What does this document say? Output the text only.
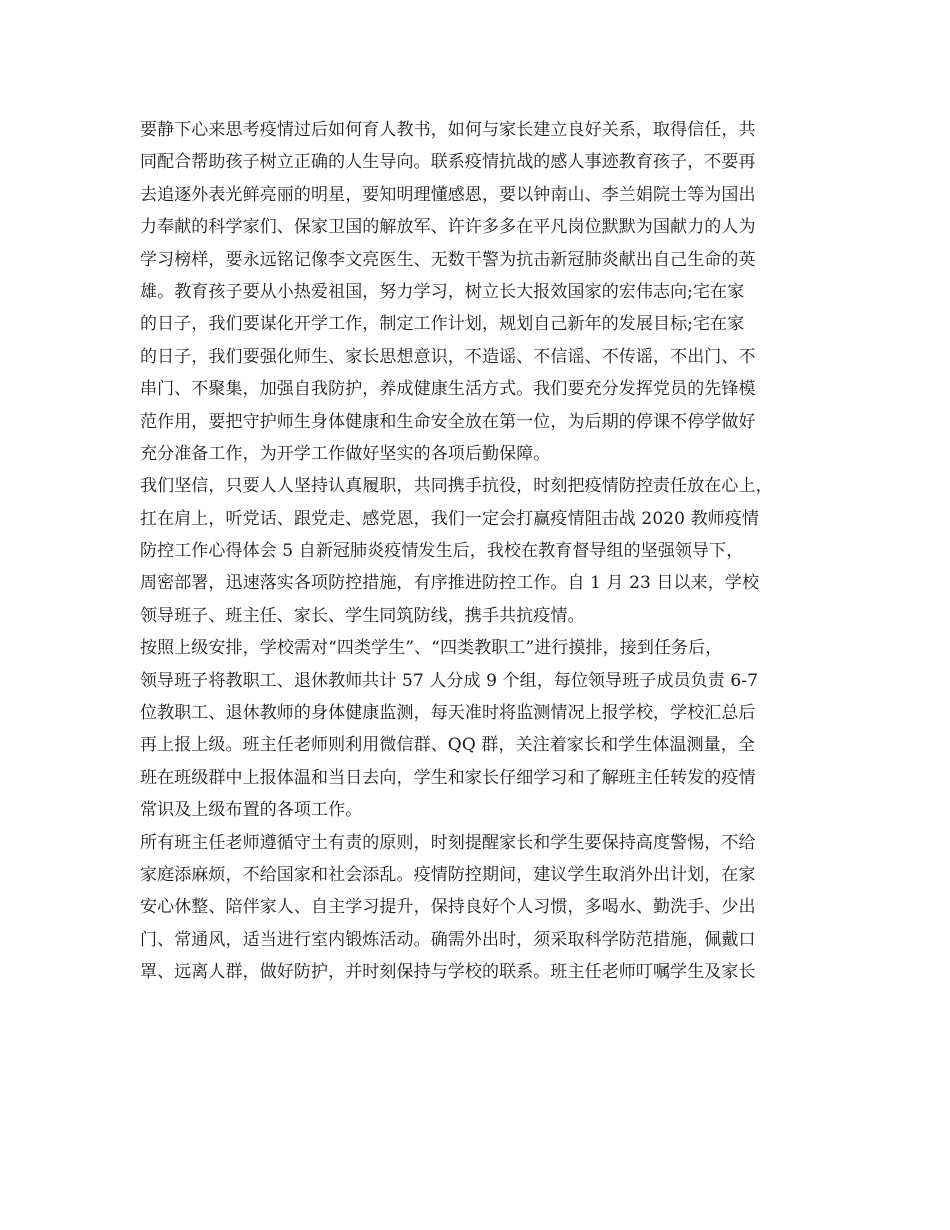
要静下心来思考疫情过后如何育人教书，如何与家长建立良好关系，取得信任，共
同配合帮助孩子树立正确的人生导向。联系疫情抗战的感人事迹教育孩子，不要再
去追逐外表光鲜亮丽的明星，要知明理懂感恩，要以钟南山、李兰娟院士等为国出
力奉献的科学家们、保家卫国的解放军、许许多多在平凡岗位默默为国献力的人为
学习榜样，要永远铭记像李文亮医生、无数干警为抗击新冠肺炎献出自己生命的英
雄。教育孩子要从小热爱祖国，努力学习，树立长大报效国家的宏伟志向;宅在家
的日子，我们要谋化开学工作，制定工作计划，规划自己新年的发展目标;宅在家
的日子，我们要强化师生、家长思想意识，不造谣、不信谣、不传谣，不出门、不
串门、不聚集，加强自我防护，养成健康生活方式。我们要充分发挥党员的先锋模
范作用，要把守护师生身体健康和生命安全放在第一位，为后期的停课不停学做好
充分准备工作，为开学工作做好坚实的各项后勤保障。
我们坚信，只要人人坚持认真履职，共同携手抗役，时刻把疫情防控责任放在心上，
扛在肩上，听党话、跟党走、感党恩，我们一定会打赢疫情阻击战 2020 教师疫情
防控工作心得体会 5 自新冠肺炎疫情发生后，我校在教育督导组的坚强领导下，
周密部署，迅速落实各项防控措施，有序推进防控工作。自 1 月 23 日以来，学校
领导班子、班主任、家长、学生同筑防线，携手共抗疫情。
按照上级安排，学校需对“四类学生”、“四类教职工”进行摸排，接到任务后，
领导班子将教职工、退休教师共计 57 人分成 9 个组，每位领导班子成员负责 6-7
位教职工、退休教师的身体健康监测，每天准时将监测情况上报学校，学校汇总后
再上报上级。班主任老师则利用微信群、QQ 群，关注着家长和学生体温测量，全
班在班级群中上报体温和当日去向，学生和家长仔细学习和了解班主任转发的疫情
常识及上级布置的各项工作。
所有班主任老师遵循守土有责的原则，时刻提醒家长和学生要保持高度警惕，不给
家庭添麻烦，不给国家和社会添乱。疫情防控期间，建议学生取消外出计划，在家
安心休整、陪伴家人、自主学习提升，保持良好个人习惯，多喝水、勤洗手、少出
门、常通风，适当进行室内锻炼活动。确需外出时，须采取科学防范措施，佩戴口
罩、远离人群，做好防护，并时刻保持与学校的联系。班主任老师叮嘱学生及家长
